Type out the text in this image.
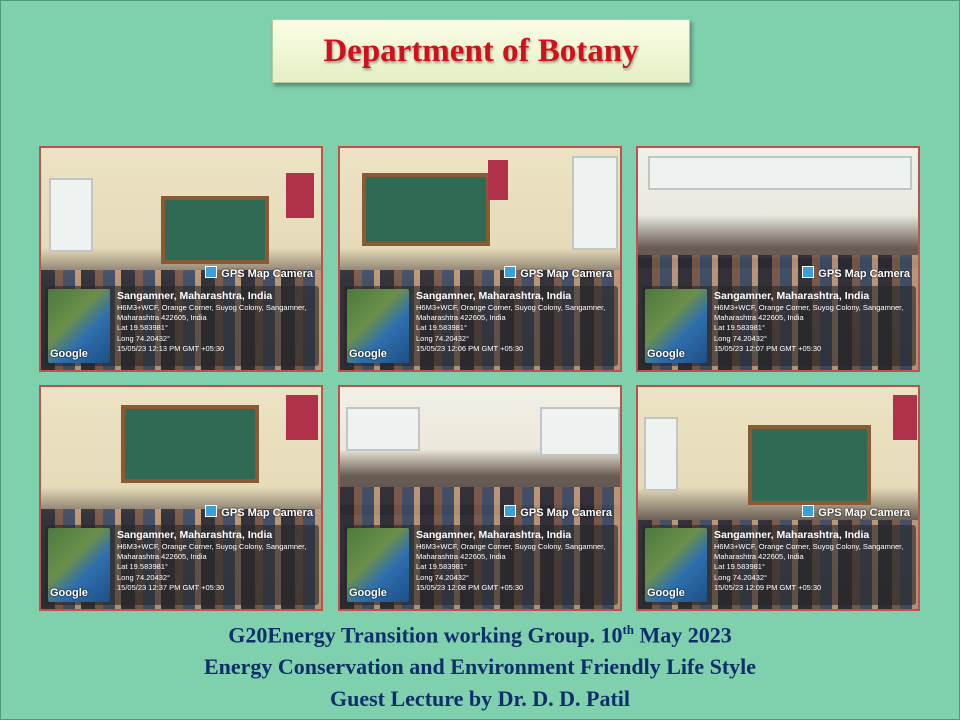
Department of Botany
GPS Map Camera
Google
Sangamner, Maharashtra, India
H6M3+WCF, Orange Corner, Suyog Colony, Sangamner, Maharashtra 422605, India
Lat 19.583981°
Long 74.20432°
15/05/23 12:13 PM GMT +05:30
GPS Map Camera
Google
Sangamner, Maharashtra, India
H6M3+WCF, Orange Corner, Suyog Colony, Sangamner, Maharashtra 422605, India
Lat 19.583981°
Long 74.20432°
15/05/23 12:06 PM GMT +05:30
GPS Map Camera
Google
Sangamner, Maharashtra, India
H6M3+WCF, Orange Corner, Suyog Colony, Sangamner, Maharashtra 422605, India
Lat 19.583981°
Long 74.20432°
15/05/23 12:07 PM GMT +05:30
GPS Map Camera
Google
Sangamner, Maharashtra, India
H6M3+WCF, Orange Corner, Suyog Colony, Sangamner, Maharashtra 422605, India
Lat 19.583981°
Long 74.20432°
15/05/23 12:37 PM GMT +05:30
GPS Map Camera
Google
Sangamner, Maharashtra, India
H6M3+WCF, Orange Corner, Suyog Colony, Sangamner, Maharashtra 422605, India
Lat 19.583981°
Long 74.20432°
15/05/23 12:08 PM GMT +05:30
GPS Map Camera
Google
Sangamner, Maharashtra, India
H6M3+WCF, Orange Corner, Suyog Colony, Sangamner, Maharashtra 422605, India
Lat 19.583981°
Long 74.20432°
15/05/23 12:09 PM GMT +05:30
G20Energy Transition working Group. 10th May 2023
Energy Conservation and Environment Friendly Life Style
Guest Lecture by Dr. D. D. Patil
